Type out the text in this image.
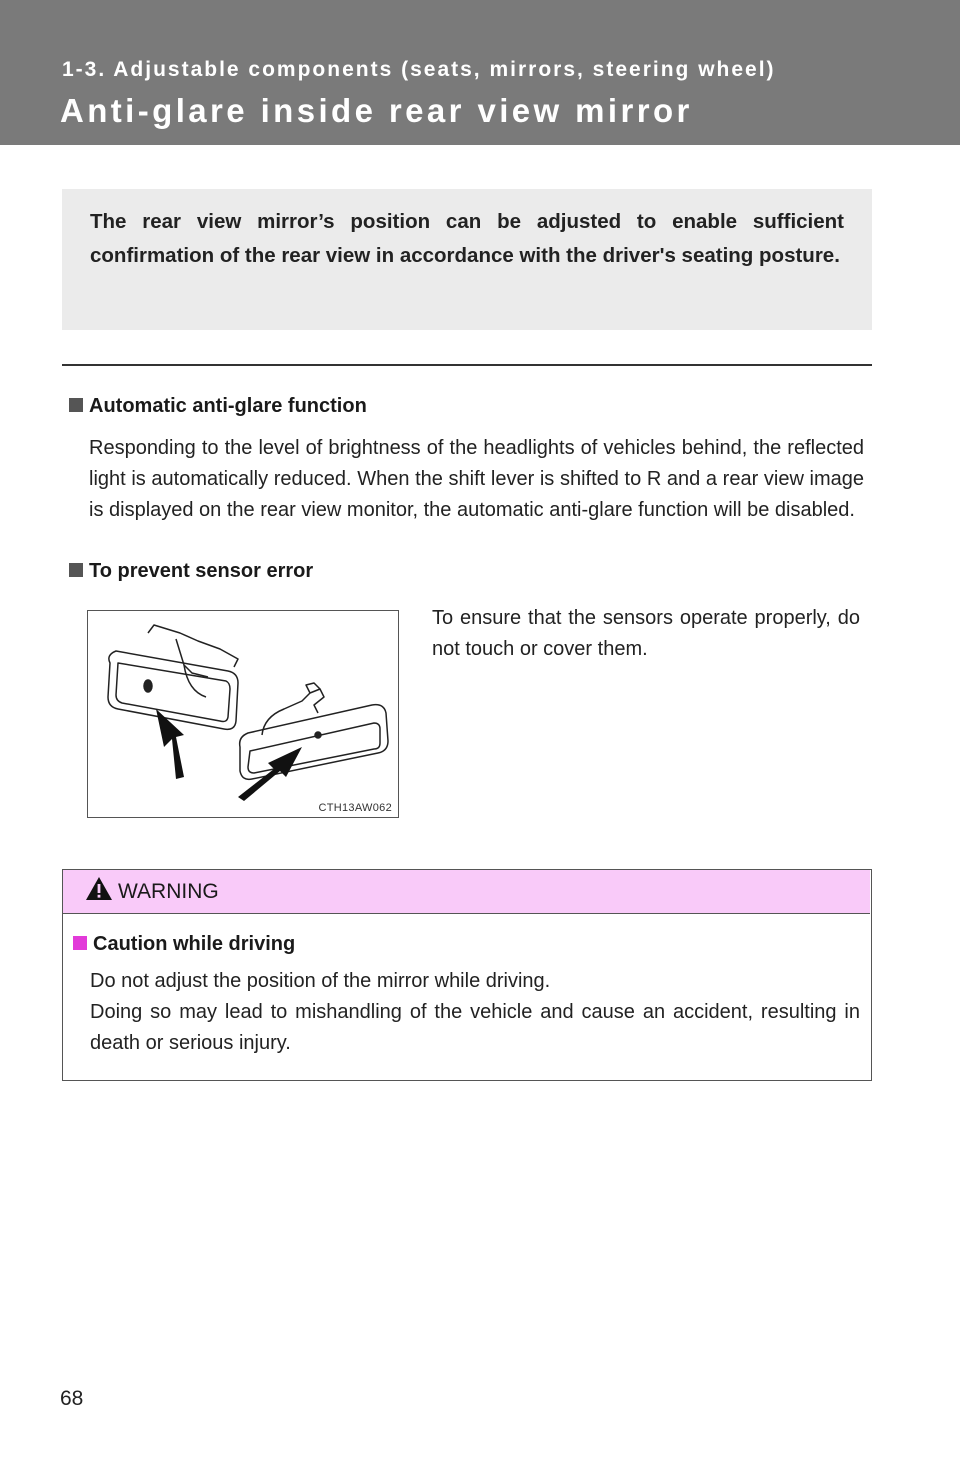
1-3. Adjustable components (seats, mirrors, steering wheel)
Anti-glare inside rear view mirror

The rear view mirror’s position can be adjusted to enable sufficient confirmation of the rear view in accordance with the driver's seating posture.

Automatic anti-glare function

Responding to the level of brightness of the headlights of vehicles behind, the reflected light is automatically reduced. When the shift lever is shifted to R and a rear view image is displayed on the rear view monitor, the automatic anti-glare function will be disabled.

To prevent sensor error
CTH13AW062

To ensure that the sensors operate properly, do not touch or cover them.

WARNING
Caution while driving
Do not adjust the position of the mirror while driving.
Doing so may lead to mishandling of the vehicle and cause an accident, resulting in death or serious injury.
68
